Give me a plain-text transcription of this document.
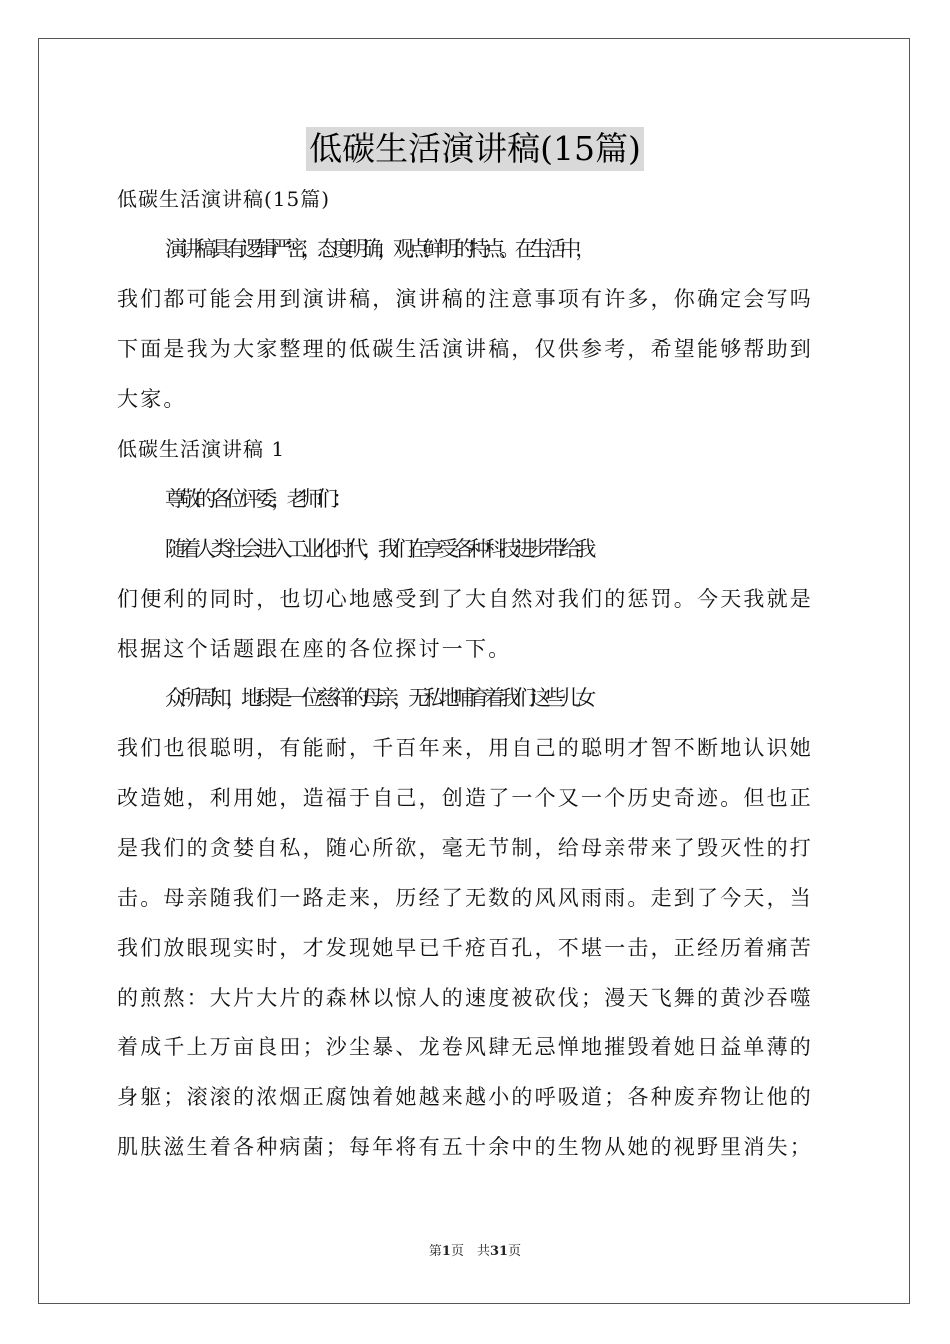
低碳生活演讲稿(15篇)
低碳生活演讲稿(15篇)
演讲稿具有逻辑严密，态度明确，观点鲜明的特点。在生活中，
我们都可能会用到演讲稿，演讲稿的注意事项有许多，你确定会写吗
下面是我为大家整理的低碳生活演讲稿，仅供参考，希望能够帮助到
大家。
低碳生活演讲稿 1
尊敬的各位评委，老师们：
随着人类社会进入工业化时代，我们在享受各种科技进步带给我
们便利的同时，也切心地感受到了大自然对我们的惩罚。今天我就是
根据这个话题跟在座的各位探讨一下。
众所周知，地球是一位慈祥的母亲，无私地哺育着我们这些儿女
我们也很聪明，有能耐，千百年来，用自己的聪明才智不断地认识她
改造她，利用她，造福于自己，创造了一个又一个历史奇迹。但也正
是我们的贪婪自私，随心所欲，毫无节制，给母亲带来了毁灭性的打
击。母亲随我们一路走来，历经了无数的风风雨雨。走到了今天，当
我们放眼现实时，才发现她早已千疮百孔，不堪一击，正经历着痛苦
的煎熬：大片大片的森林以惊人的速度被砍伐；漫天飞舞的黄沙吞噬
着成千上万亩良田；沙尘暴、龙卷风肆无忌惮地摧毁着她日益单薄的
身躯；滚滚的浓烟正腐蚀着她越来越小的呼吸道；各种废弃物让他的
肌肤滋生着各种病菌；每年将有五十余中的生物从她的视野里消失；
第1页　共31页
